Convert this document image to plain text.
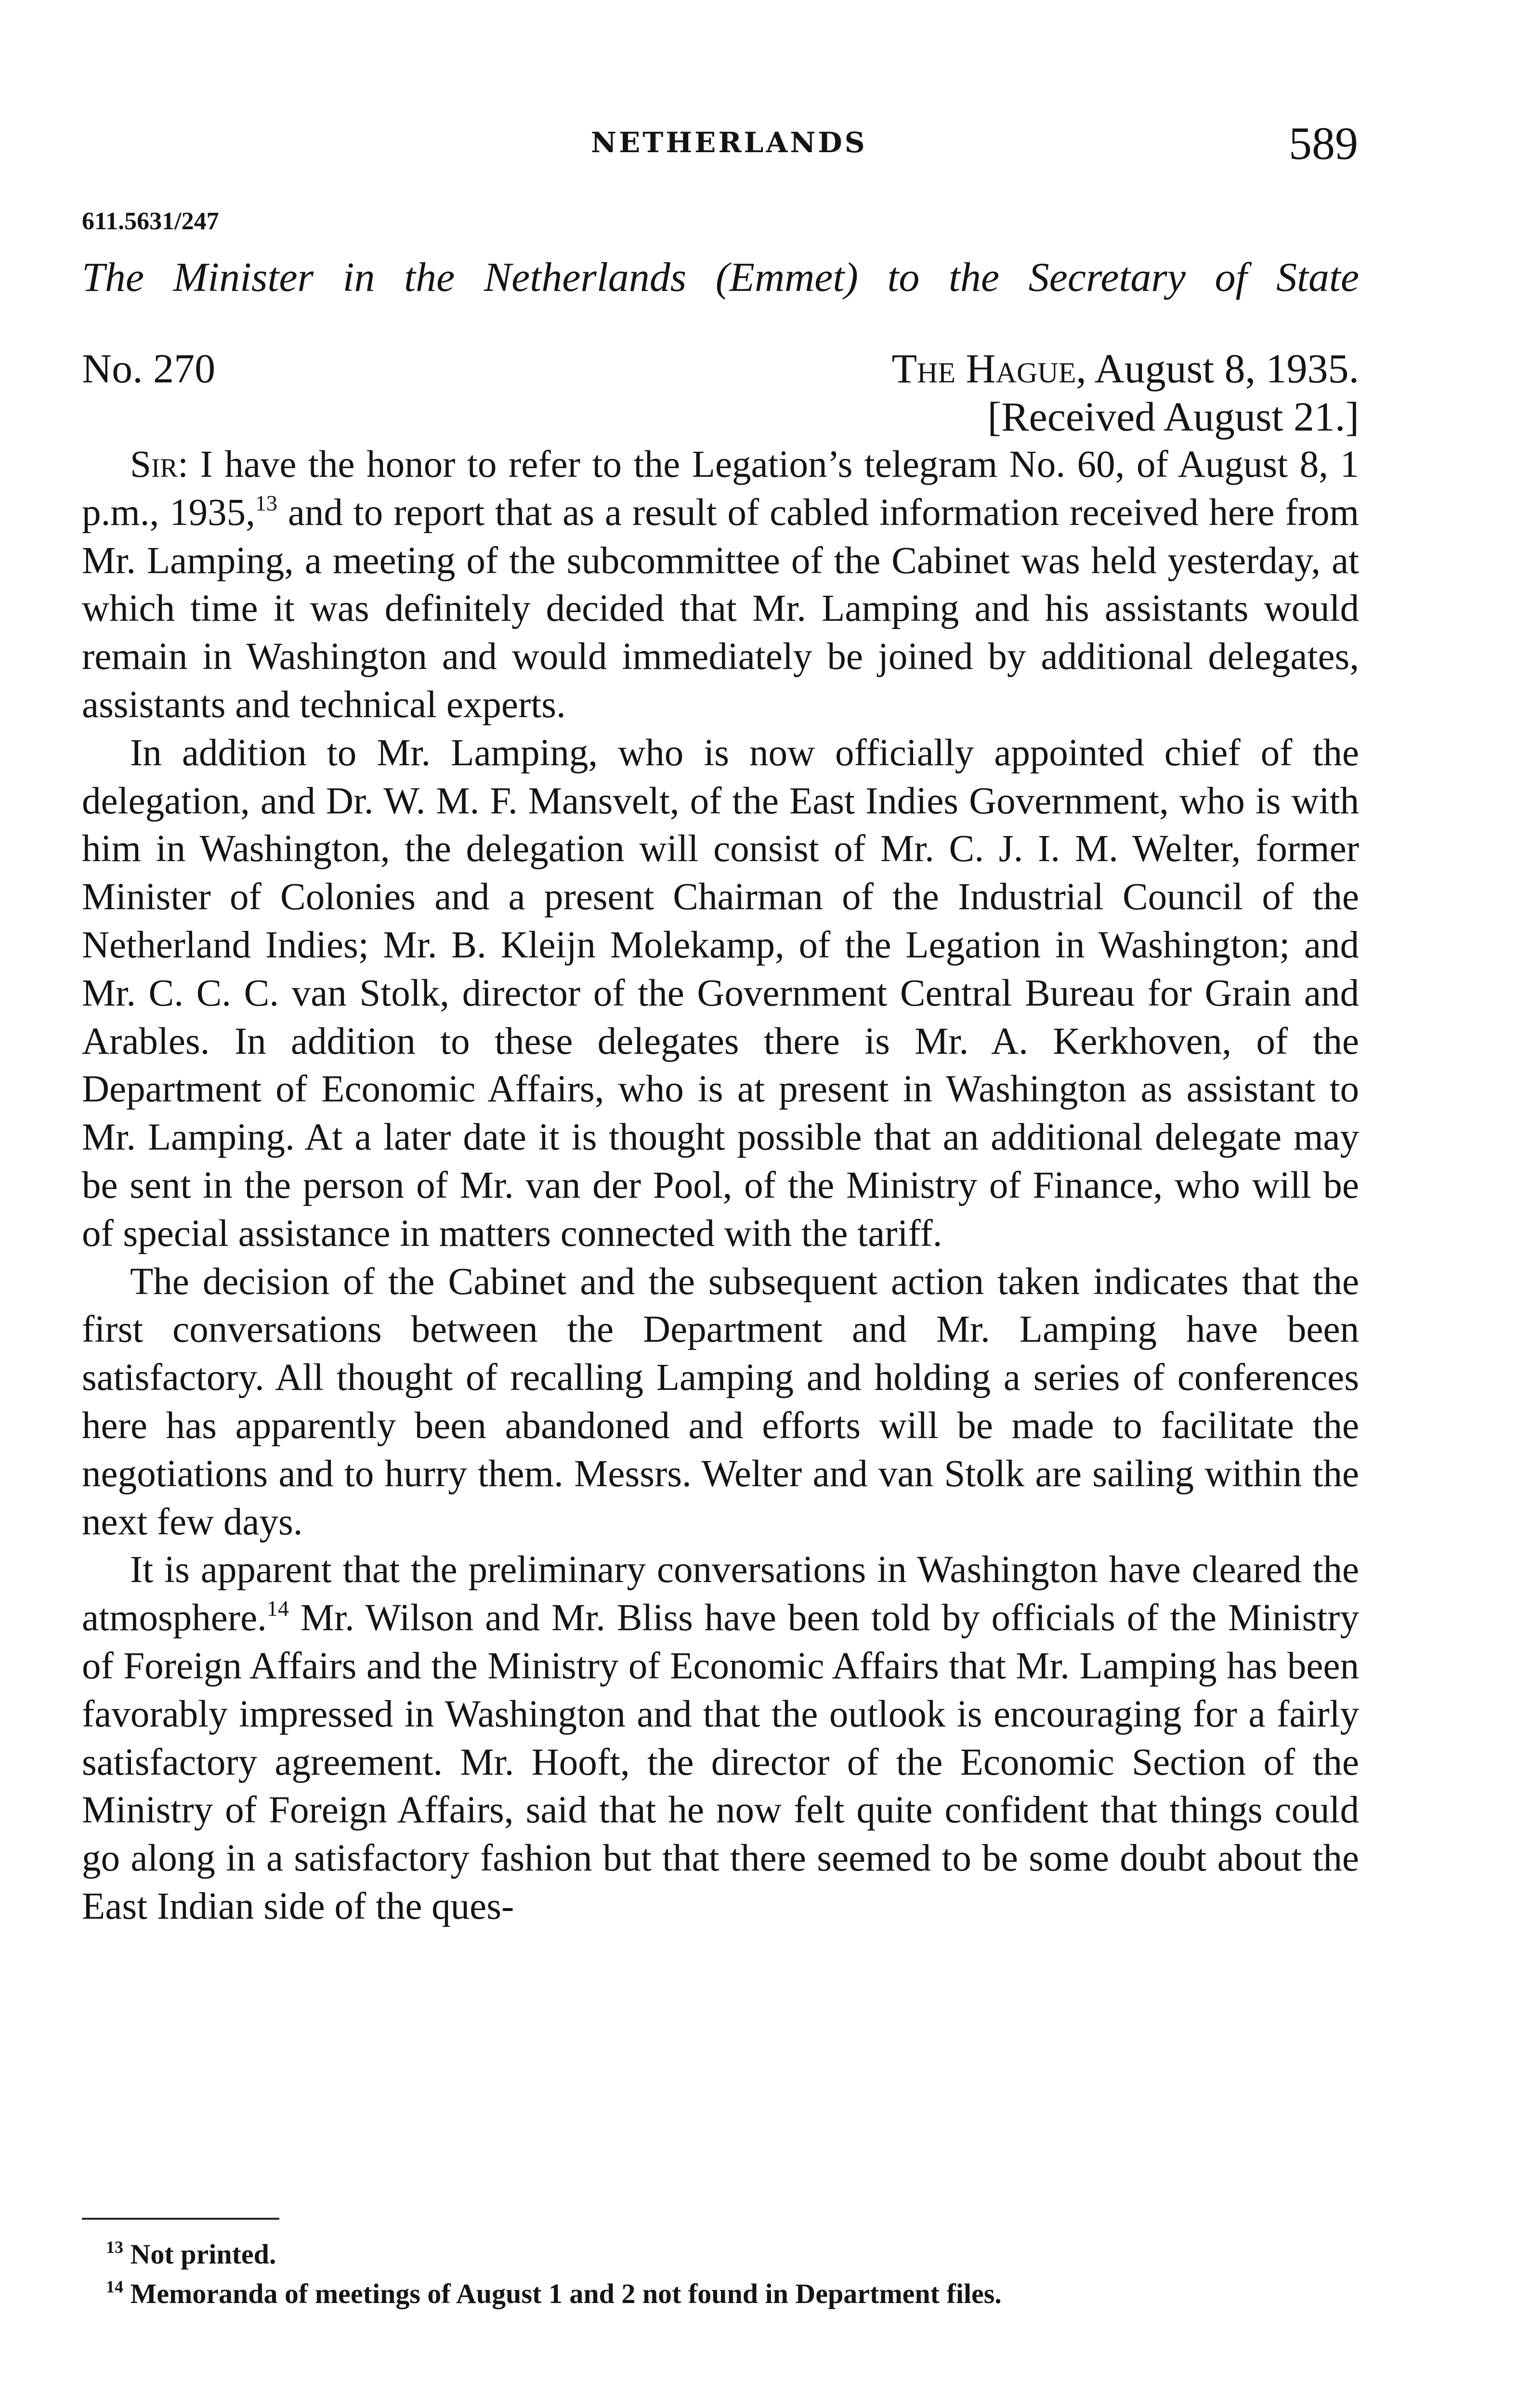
NETHERLANDS	589
611.5631/247
The Minister in the Netherlands (Emmet) to the Secretary of State
No. 270	The Hague, August 8, 1935.
[Received August 21.]

Sir: I have the honor to refer to the Legation’s telegram No. 60, of August 8, 1 p.m., 1935,13 and to report that as a result of cabled information received here from Mr. Lamping, a meeting of the subcommittee of the Cabinet was held yesterday, at which time it was definitely decided that Mr. Lamping and his assistants would remain in Washington and would immediately be joined by additional delegates, assistants and technical experts.

In addition to Mr. Lamping, who is now officially appointed chief of the delegation, and Dr. W. M. F. Mansvelt, of the East Indies Government, who is with him in Washington, the delegation will consist of Mr. C. J. I. M. Welter, former Minister of Colonies and a present Chairman of the Industrial Council of the Netherland Indies; Mr. B. Kleijn Molekamp, of the Legation in Washington; and Mr. C. C. C. van Stolk, director of the Government Central Bureau for Grain and Arables. In addition to these delegates there is Mr. A. Kerkhoven, of the Department of Economic Affairs, who is at present in Washington as assistant to Mr. Lamping. At a later date it is thought possible that an additional delegate may be sent in the person of Mr. van der Pool, of the Ministry of Finance, who will be of special assistance in matters connected with the tariff.

The decision of the Cabinet and the subsequent action taken indicates that the first conversations between the Department and Mr. Lamping have been satisfactory. All thought of recalling Lamping and holding a series of conferences here has apparently been abandoned and efforts will be made to facilitate the negotiations and to hurry them. Messrs. Welter and van Stolk are sailing within the next few days.

It is apparent that the preliminary conversations in Washington have cleared the atmosphere.$^{14}$ Mr. Wilson and Mr. Bliss have been told by officials of the Ministry of Foreign Affairs and the Ministry of Economic Affairs that Mr. Lamping has been favorably impressed in Washington and that the outlook is encouraging for a fairly satisfactory agreement. Mr. Hooft, the director of the Economic Section of the Ministry of Foreign Affairs, said that he now felt quite confident that things could go along in a satisfactory fashion but that there seemed to be some doubt about the East Indian side of the ques-

$^{13}$ Not printed.
$^{14}$ Memoranda of meetings of August 1 and 2 not found in Department files.
